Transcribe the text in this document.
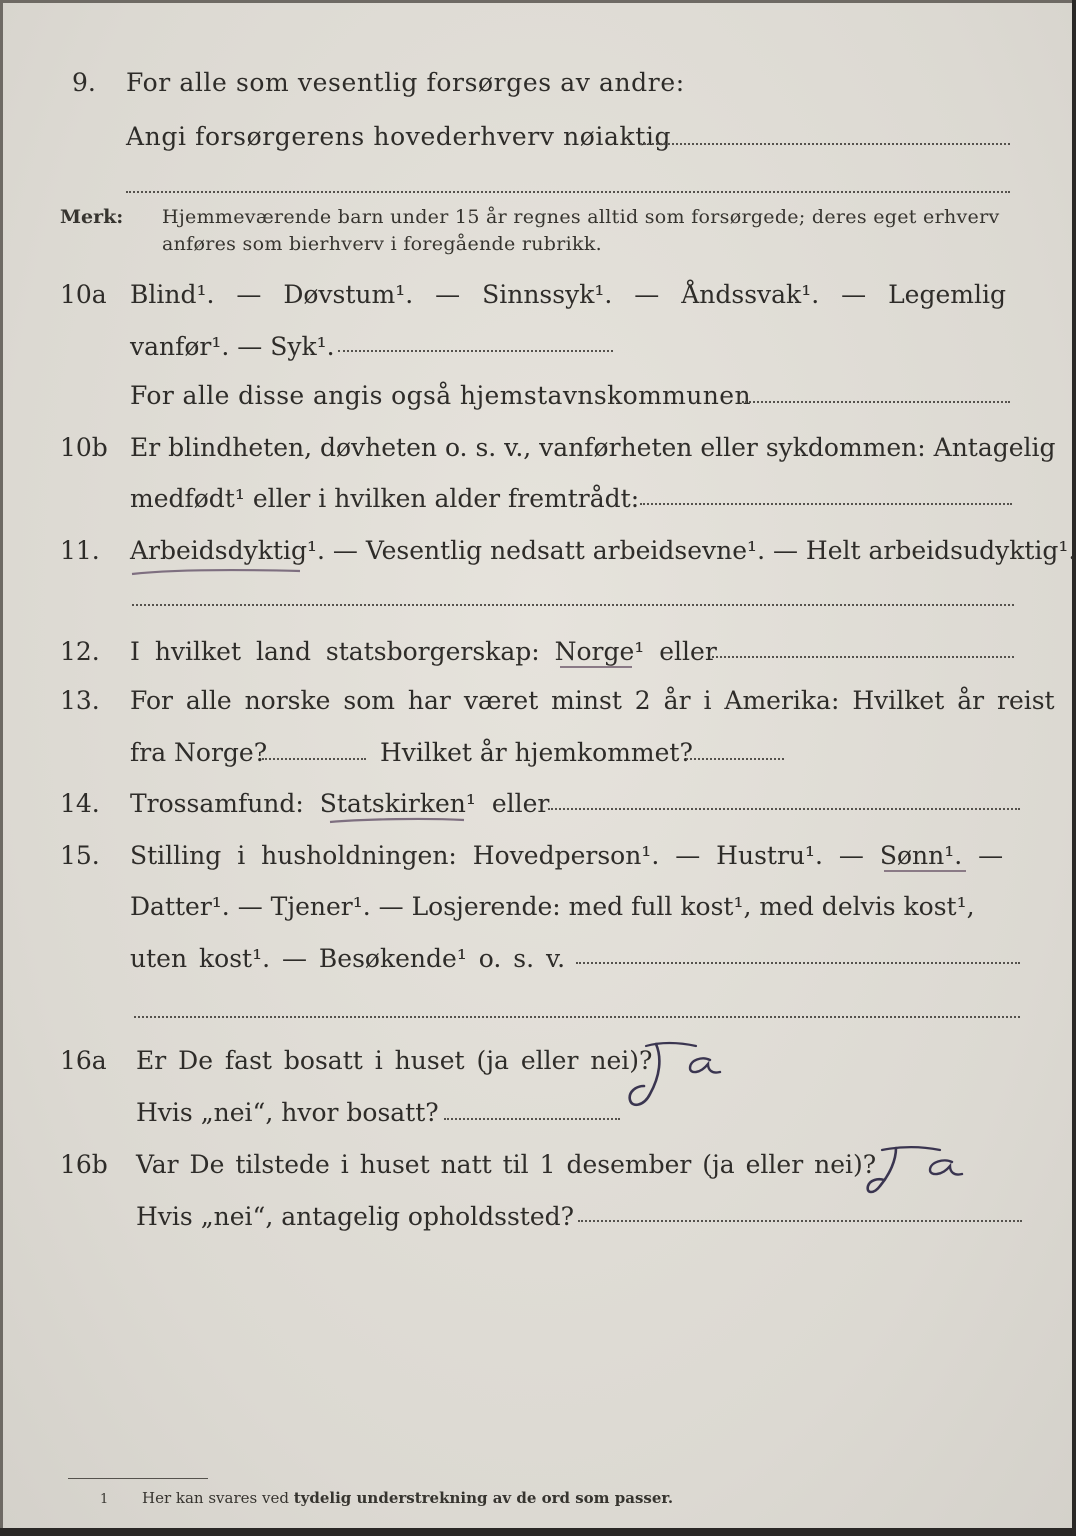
9. For alle som vesentlig forsørges av andre:
Angi forsørgerens hovederhverv nøiaktig
Merk: Hjemmeværende barn under 15 år regnes alltid som forsørgede; deres eget erhverv
anføres som bierhverv i foregående rubrikk.
10a Blind¹. — Døvstum¹. — Sinnssyk¹. — Åndssvak¹. — Legemlig
vanfør¹. — Syk¹.
For alle disse angis også hjemstavnskommunen
10b Er blindheten, døvheten o. s. v., vanførheten eller sykdommen: Antagelig
medfødt¹ eller i hvilken alder fremtrådt:
11. Arbeidsdyktig¹. — Vesentlig nedsatt arbeidsevne¹. — Helt arbeidsudyktig¹.
12. I hvilket land statsborgerskap: Norge¹ eller
13. For alle norske som har været minst 2 år i Amerika: Hvilket år reist
fra Norge?	Hvilket år hjemkommet?
14. Trossamfund: Statskirken¹ eller
15. Stilling i husholdningen: Hovedperson¹. — Hustru¹. — Sønn¹. —
Datter¹. — Tjener¹. — Losjerende: med full kost¹, med delvis kost¹,
uten kost¹. — Besøkende¹ o. s. v.
16a Er De fast bosatt i huset (ja eller nei)?
Hvis „nei“, hvor bosatt?
16b Var De tilstede i huset natt til 1 desember (ja eller nei)?
Hvis „nei“, antagelig opholdssted?
1 Her kan svares ved tydelig understrekning av de ord som passer.
